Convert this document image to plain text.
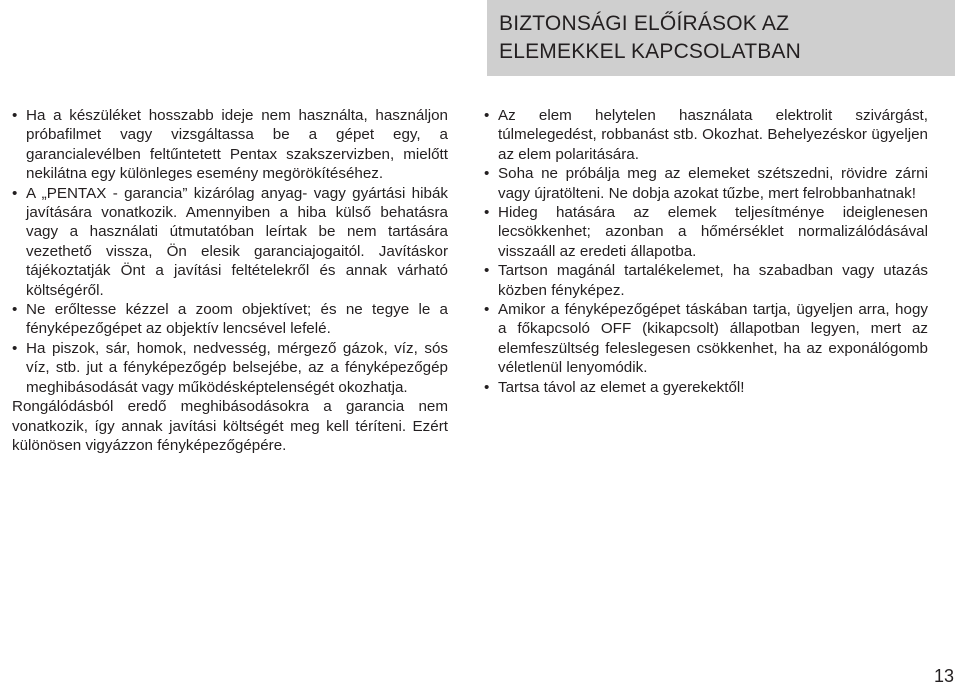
BIZTONSÁGI ELŐÍRÁSOK AZ
ELEMEKKEL KAPCSOLATBAN

• Ha a készüléket hosszabb ideje nem használta, használjon próbafilmet vagy vizsgáltassa be a gépet egy, a garancialevélben feltűntetett Pentax szakszervizben, mielőtt nekilátna egy különleges esemény megörökítéséhez.

• A „PENTAX - garancia” kizárólag anyag- vagy gyártási hibák javítására vonatkozik. Amennyiben a hiba külső behatásra vagy a használati útmutatóban leírtak be nem tartására vezethető vissza, Ön elesik garanciajogaitól. Javításkor tájékoztatják Önt a javítási feltételekről és annak várható költségéről.

• Ne erőltesse kézzel a zoom objektívet; és ne tegye le a fényképezőgépet az objektív lencsével lefelé.

• Ha piszok, sár, homok, nedvesség, mérgező gázok, víz, sós víz, stb. jut a fényképezőgép belsejébe, az a fényképezőgép meghibásodását vagy működésképtelenségét okozhatja.

Rongálódásból eredő meghibásodásokra a garancia nem vonatkozik, így annak javítási költségét meg kell téríteni. Ezért különösen vigyázzon fényképezőgépére.

• Az elem helytelen használata elektrolit szivárgást, túlmelegedést, robbanást stb. Okozhat. Behelyezéskor ügyeljen az elem polaritására.

• Soha ne próbálja meg az elemeket szétszedni, rövidre zárni vagy újratölteni. Ne dobja azokat tűzbe, mert felrobbanhatnak!

• Hideg hatására az elemek teljesítménye ideiglenesen lecsökkenhet; azonban a hőmérséklet normalizálódásával visszaáll az eredeti állapotba.

• Tartson magánál tartalékelemet, ha szabadban vagy utazás közben fényképez.

• Amikor a fényképezőgépet táskában tartja, ügyeljen arra, hogy a főkapcsoló OFF (kikapcsolt) állapotban legyen, mert az elemfeszültség feleslegesen csökkenhet, ha az exponálógomb véletlenül lenyomódik.

• Tartsa távol az elemet a gyerekektől!

13
